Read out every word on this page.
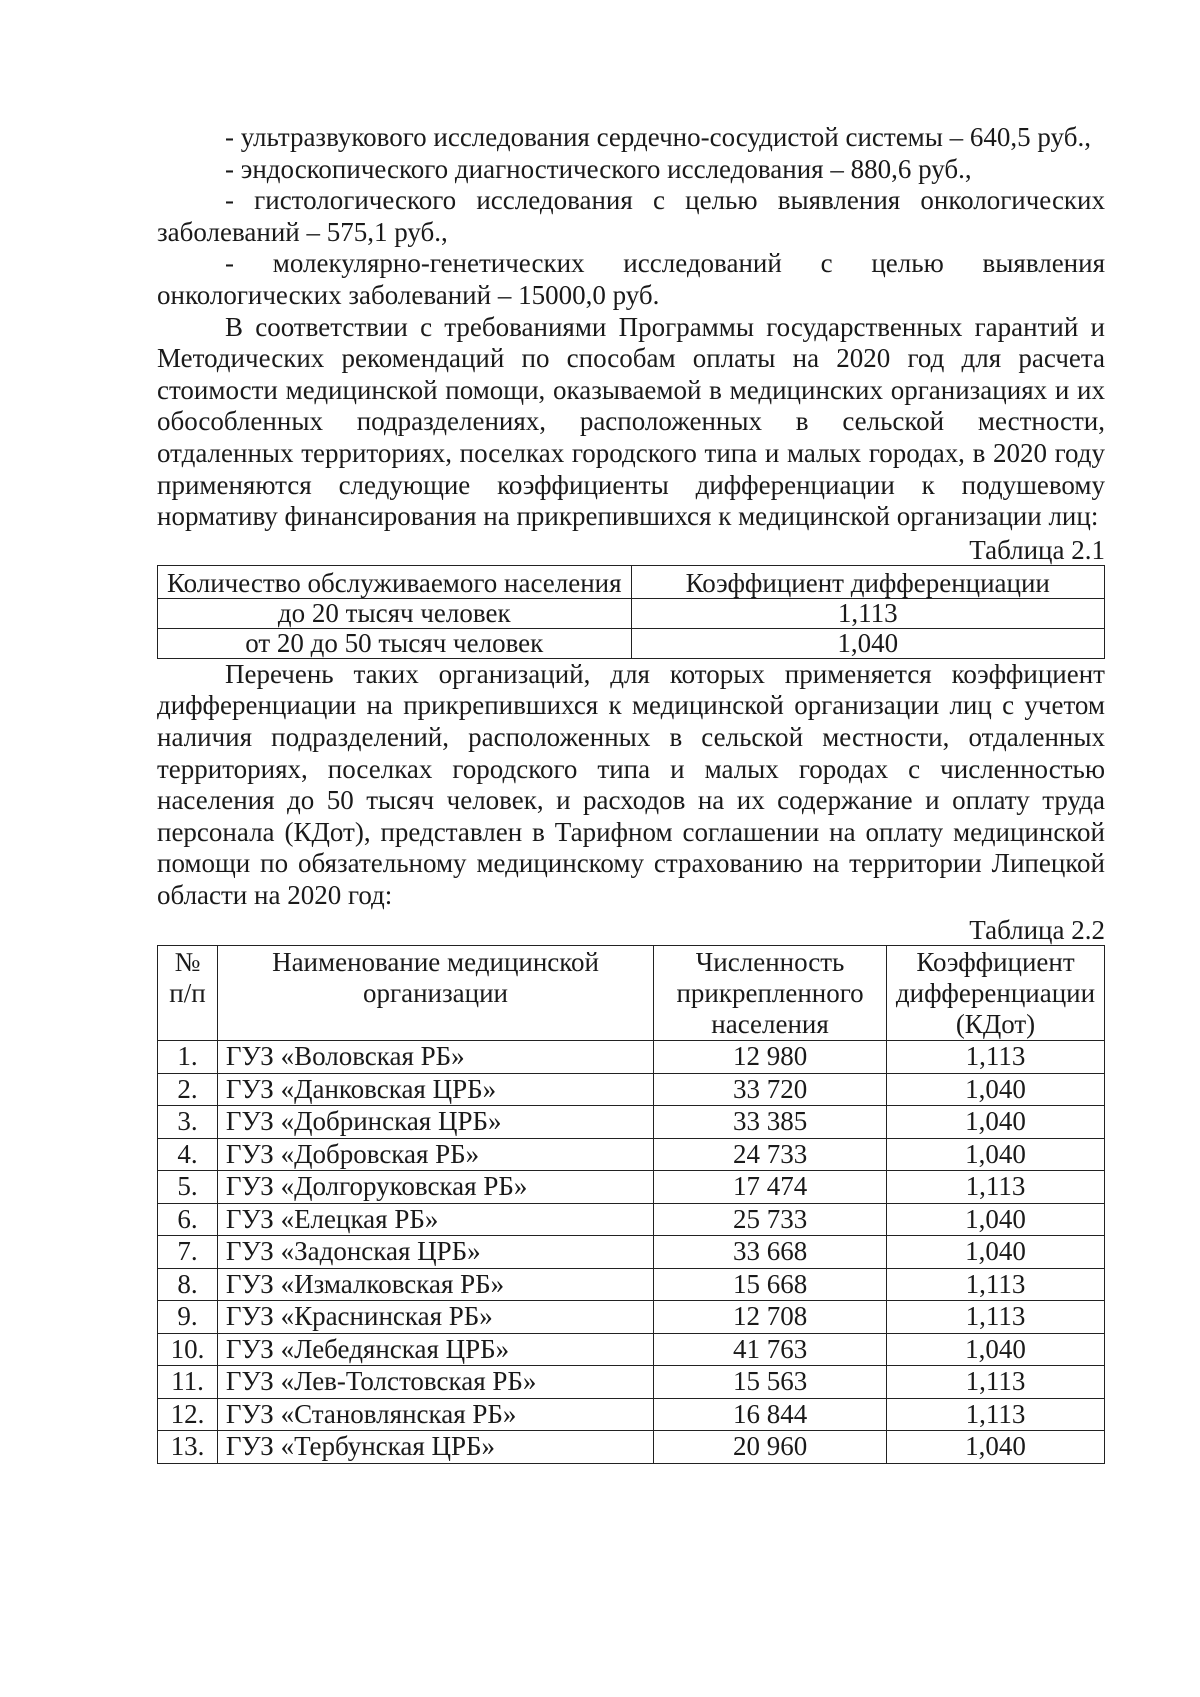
- ультразвукового исследования сердечно-сосудистой системы – 640,5 руб.,

- эндоскопического диагностического исследования – 880,6 руб.,

- гистологического исследования с целью выявления онкологических заболеваний – 575,1 руб.,

- молекулярно-генетических исследований с целью выявления онкологических заболеваний – 15000,0 руб.

В соответствии с требованиями Программы государственных гарантий и Методических рекомендаций по способам оплаты на 2020 год для расчета стоимости медицинской помощи, оказываемой в медицинских организациях и их обособленных подразделениях, расположенных в сельской местности, отдаленных территориях, поселках городского типа и малых городах, в 2020 году применяются следующие коэффициенты дифференциации к подушевому нормативу финансирования на прикрепившихся к медицинской организации лиц:

Таблица 2.1
Количество обслуживаемого населения	Коэффициент дифференциации
до 20 тысяч человек	1,113
от 20 до 50 тысяч человек	1,040

Перечень таких организаций, для которых применяется коэффициент дифференциации на прикрепившихся к медицинской организации лиц с учетом наличия подразделений, расположенных в сельской местности, отдаленных территориях, поселках городского типа и малых городах с численностью населения до 50 тысяч человек, и расходов на их содержание и оплату труда персонала (КДот), представлен в Тарифном соглашении на оплату медицинской помощи по обязательному медицинскому страхованию на территории Липецкой области на 2020 год:

Таблица 2.2
№ п/п	Наименование медицинской организации	Численность прикрепленного населения	Коэффициент дифференциации (КДот)
1.	ГУЗ «Воловская РБ»	12 980	1,113
2.	ГУЗ «Данковская ЦРБ»	33 720	1,040
3.	ГУЗ «Добринская ЦРБ»	33 385	1,040
4.	ГУЗ «Добровская РБ»	24 733	1,040
5.	ГУЗ «Долгоруковская РБ»	17 474	1,113
6.	ГУЗ «Елецкая РБ»	25 733	1,040
7.	ГУЗ «Задонская ЦРБ»	33 668	1,040
8.	ГУЗ «Измалковская РБ»	15 668	1,113
9.	ГУЗ «Краснинская РБ»	12 708	1,113
10.	ГУЗ «Лебедянская ЦРБ»	41 763	1,040
11.	ГУЗ «Лев-Толстовская РБ»	15 563	1,113
12.	ГУЗ «Становлянская РБ»	16 844	1,113
13.	ГУЗ «Тербунская ЦРБ»	20 960	1,040
